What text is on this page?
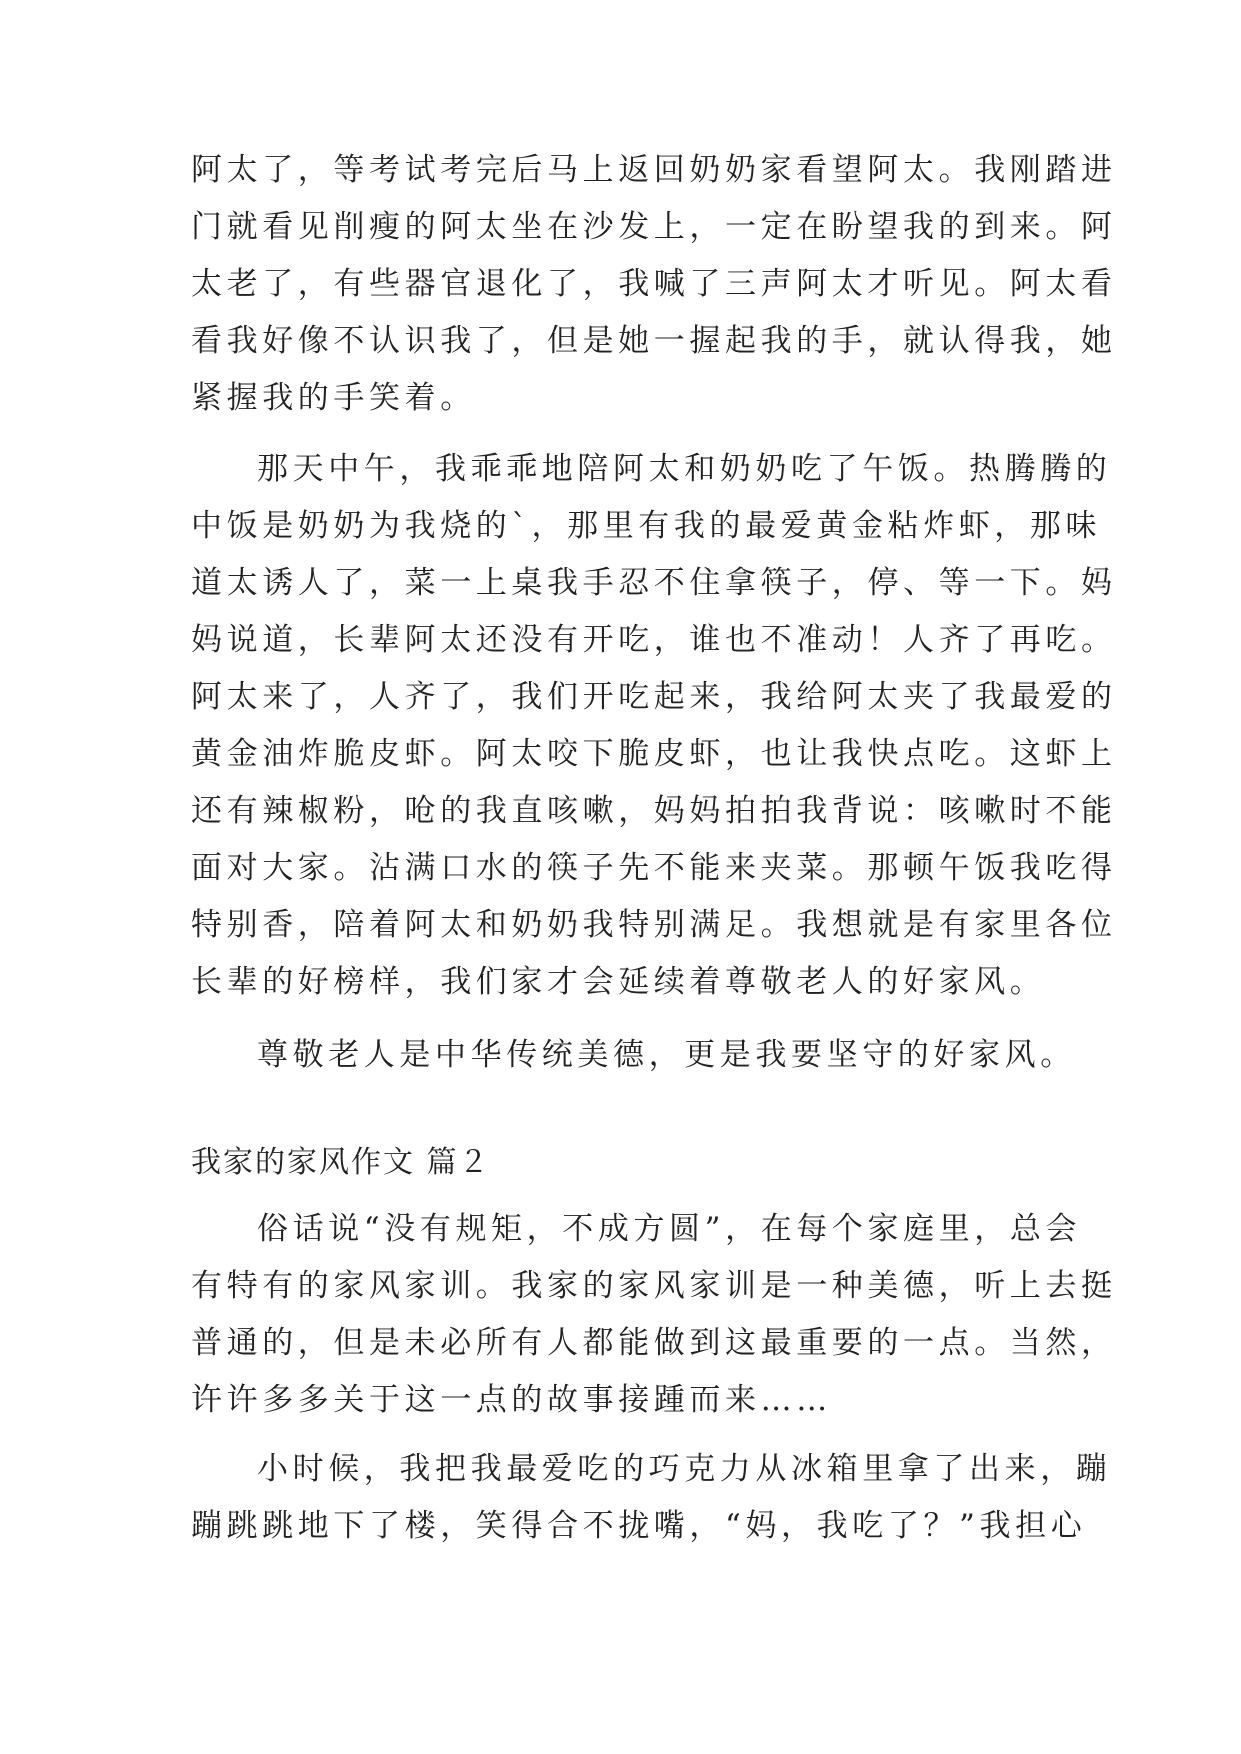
阿太了，等考试考完后马上返回奶奶家看望阿太。我刚踏进
门就看见削瘦的阿太坐在沙发上，一定在盼望我的到来。阿
太老了，有些器官退化了，我喊了三声阿太才听见。阿太看
看我好像不认识我了，但是她一握起我的手，就认得我，她
紧握我的手笑着。
那天中午，我乖乖地陪阿太和奶奶吃了午饭。热腾腾的
中饭是奶奶为我烧的`，那里有我的最爱黄金粘炸虾，那味
道太诱人了，菜一上桌我手忍不住拿筷子，停、等一下。妈
妈说道，长辈阿太还没有开吃，谁也不准动！人齐了再吃。
阿太来了，人齐了，我们开吃起来，我给阿太夹了我最爱的
黄金油炸脆皮虾。阿太咬下脆皮虾，也让我快点吃。这虾上
还有辣椒粉，呛的我直咳嗽，妈妈拍拍我背说：咳嗽时不能
面对大家。沾满口水的筷子先不能来夹菜。那顿午饭我吃得
特别香，陪着阿太和奶奶我特别满足。我想就是有家里各位
长辈的好榜样，我们家才会延续着尊敬老人的好家风。
尊敬老人是中华传统美德，更是我要坚守的好家风。
我家的家风作文 篇２
俗话说“没有规矩，不成方圆”，在每个家庭里，总会
有特有的家风家训。我家的家风家训是一种美德，听上去挺
普通的，但是未必所有人都能做到这最重要的一点。当然，
许许多多关于这一点的故事接踵而来……
小时候，我把我最爱吃的巧克力从冰箱里拿了出来，蹦
蹦跳跳地下了楼，笑得合不拢嘴，“妈，我吃了？”我担心
